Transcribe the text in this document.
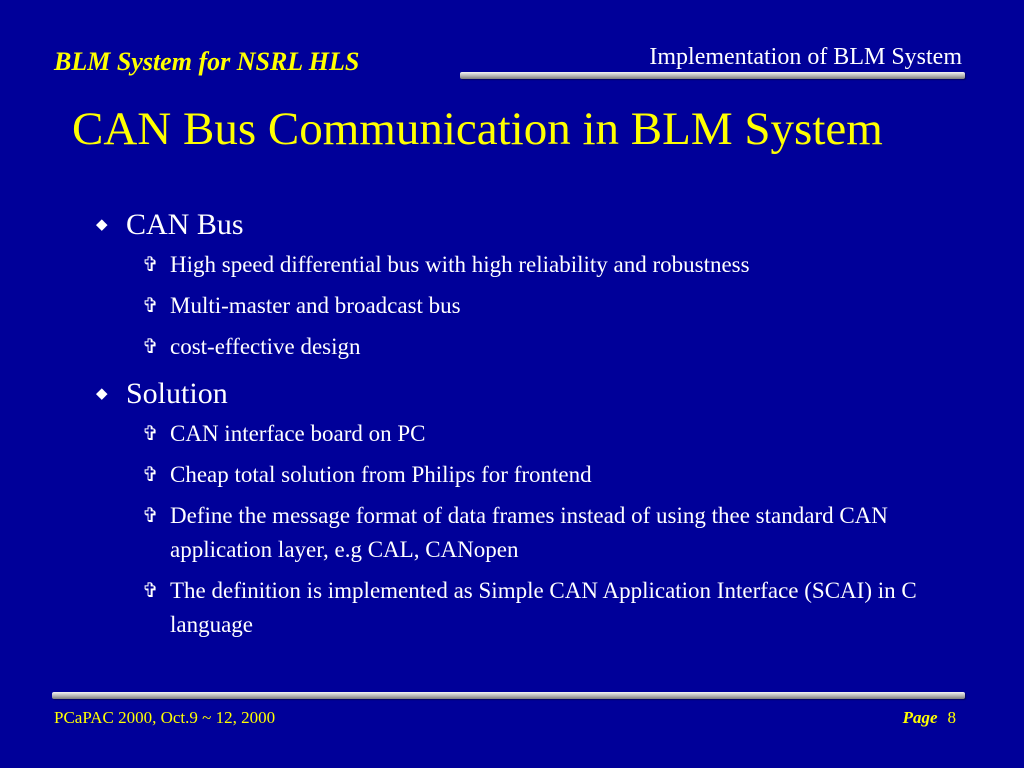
BLM System for NSRL HLS	Implementation of BLM System
CAN Bus Communication in BLM System
◆ CAN Bus
✞ High speed differential bus with high reliability and robustness
✞ Multi-master and broadcast bus
✞ cost-effective design
◆ Solution
✞ CAN interface board on PC
✞ Cheap total solution from Philips for frontend
✞ Define the message format of data frames instead of using thee standard CAN application layer, e.g CAL, CANopen
✞ The definition is implemented as Simple CAN Application Interface (SCAI) in C language
PCaPAC 2000, Oct.9 ~ 12, 2000	Page 8
